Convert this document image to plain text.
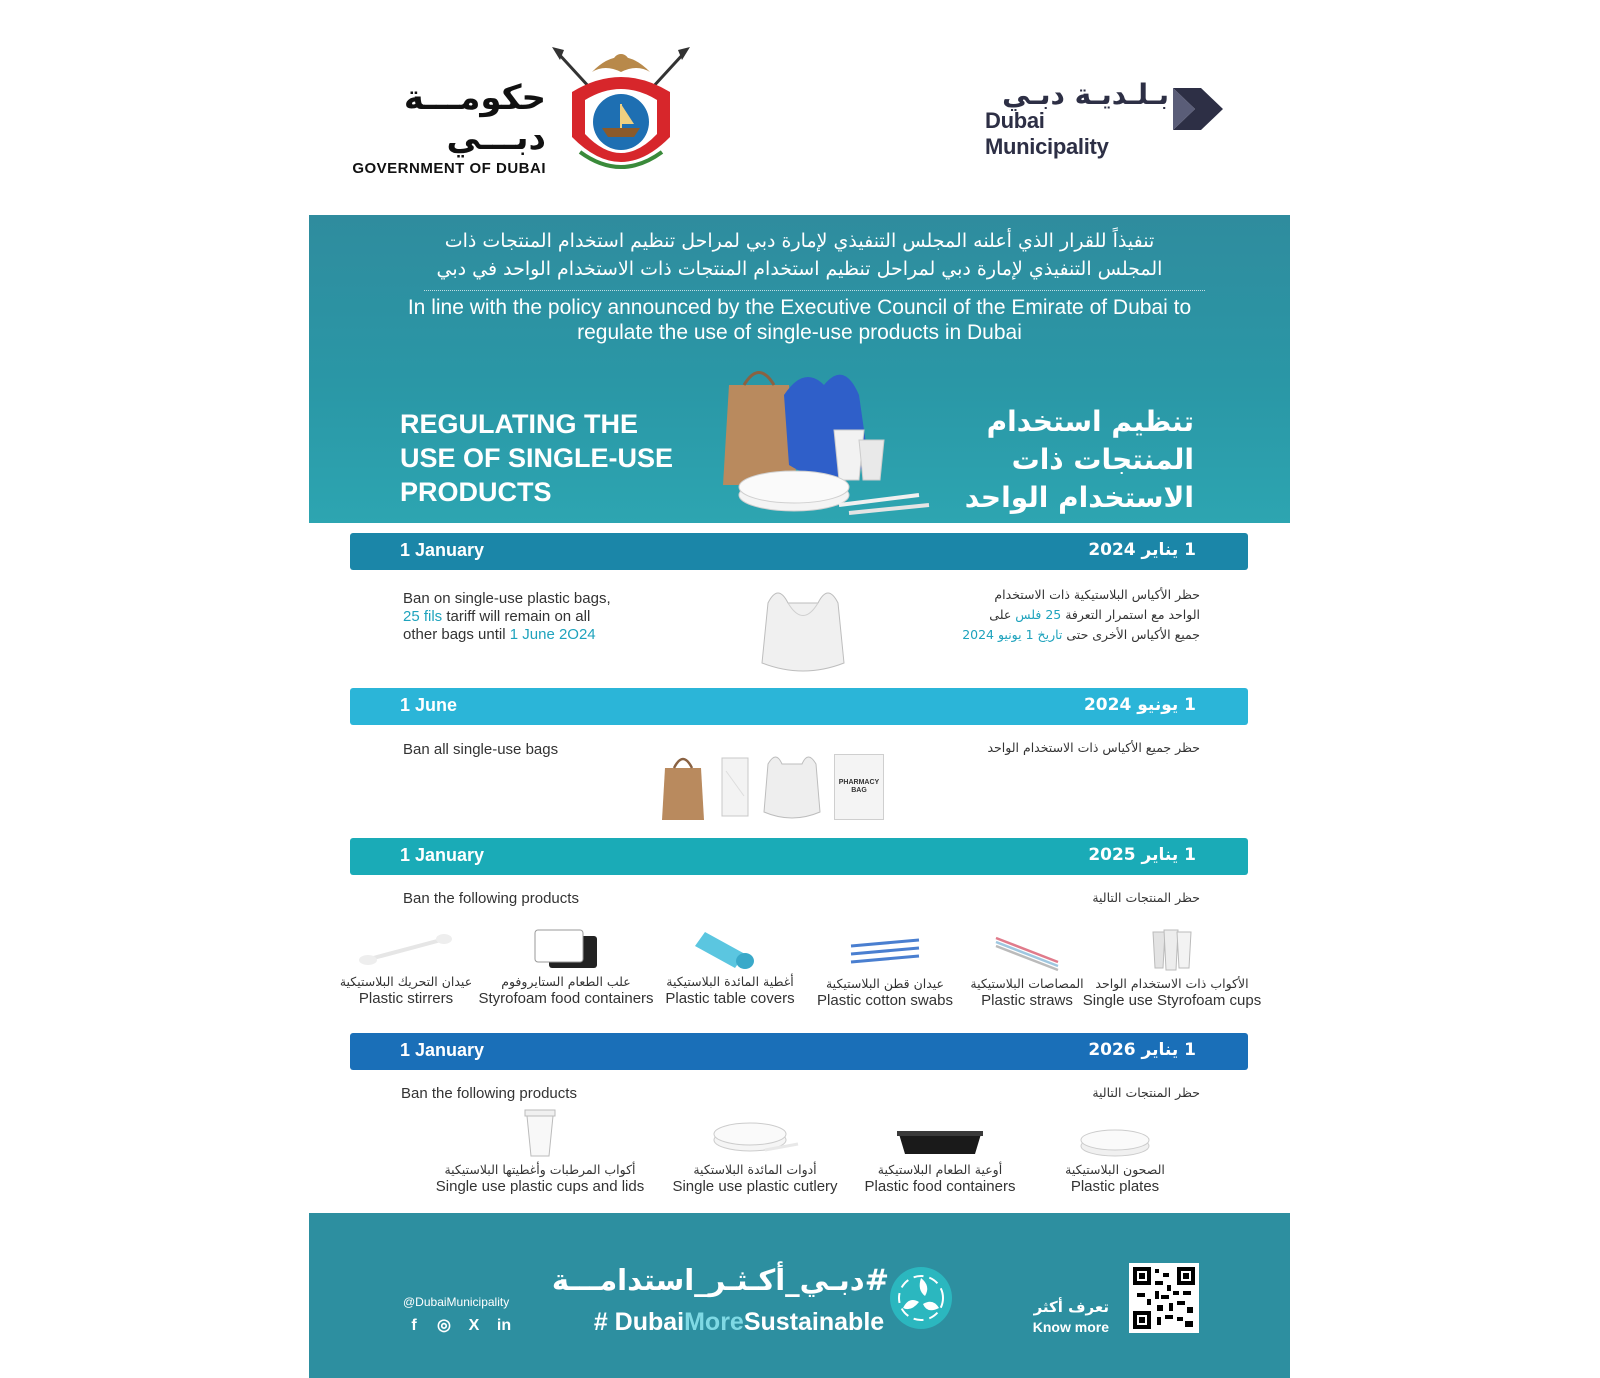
حكومـــة دبـــي
GOVERNMENT OF DUBAI
بـلـديـة دبـي
Dubai Municipality
تنفيذاً للقرار الذي أعلنه المجلس التنفيذي لإمارة دبي لمراحل تنظيم استخدام المنتجات ذات المجلس التنفيذي لإمارة دبي لمراحل تنظيم استخدام المنتجات ذات الاستخدام الواحد في دبي
In line with the policy announced by the Executive Council of the Emirate of Dubai to regulate the use of single-use products in Dubai
REGULATING THE USE OF SINGLE-USE PRODUCTS
تنظيم استخدام المنتجات ذات الاستخدام الواحد
1 January	1 يناير 2024
Ban on single-use plastic bags, 25 fils tariff will remain on all other bags until 1 June 2O24
حظر الأكياس البلاستيكية ذات الاستخدام الواحد مع استمرار التعرفة 25 فلس على جميع الأكياس الأخرى حتى تاريخ 1 يونيو 2024
1 June	1 يونيو 2024
Ban all single-use bags	حظر جميع الأكياس ذات الاستخدام الواحد
PHARMACY BAG
1 January	1 يناير 2025
Ban the following products	حظر المنتجات التالية
عيدان التحريك البلاستيكية
Plastic stirrers
علب الطعام الستايروفوم
Styrofoam food containers
أغطية المائدة البلاستيكية
Plastic table covers
عيدان قطن البلاستيكية
Plastic cotton swabs
المصاصات البلاستيكية
Plastic straws
الأكواب ذات الاستخدام الواحد
Single use Styrofoam cups
1 January	1 يناير 2026
Ban the following products	حظر المنتجات التالية
أكواب المرطبات وأغطيتها البلاستيكية
Single use plastic cups and lids
أدوات المائدة البلاستكية
Single use plastic cutlery
أوعية الطعام البلاستيكية
Plastic food containers
الصحون البلاستيكية
Plastic plates
@DubaiMunicipality
f	◎	X	in
#دبـي_أكـثـر_استدامـــة
# DubaiMoreSustainable
تعرف أكثر
Know more
